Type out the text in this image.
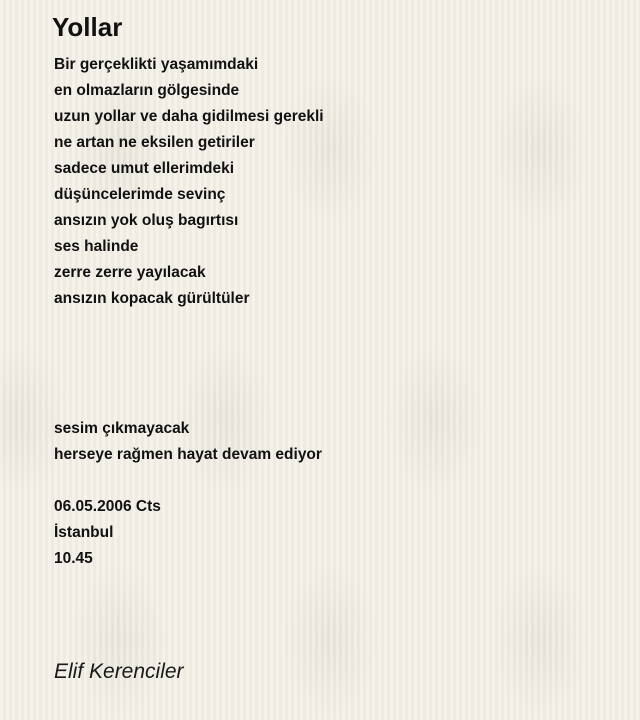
Yollar
Bir gerçeklikti yaşamımdaki
en olmazların gölgesinde
uzun yollar ve daha gidilmesi gerekli
ne artan ne eksilen getiriler
sadece umut ellerimdeki
düşüncelerimde sevinç
ansızın yok oluş bagırtısı
ses halinde
zerre zerre yayılacak
ansızın kopacak gürültüler
sesim çıkmayacak
herseye rağmen hayat devam ediyor
06.05.2006 Cts
İstanbul
10.45
Elif Kerenciler
